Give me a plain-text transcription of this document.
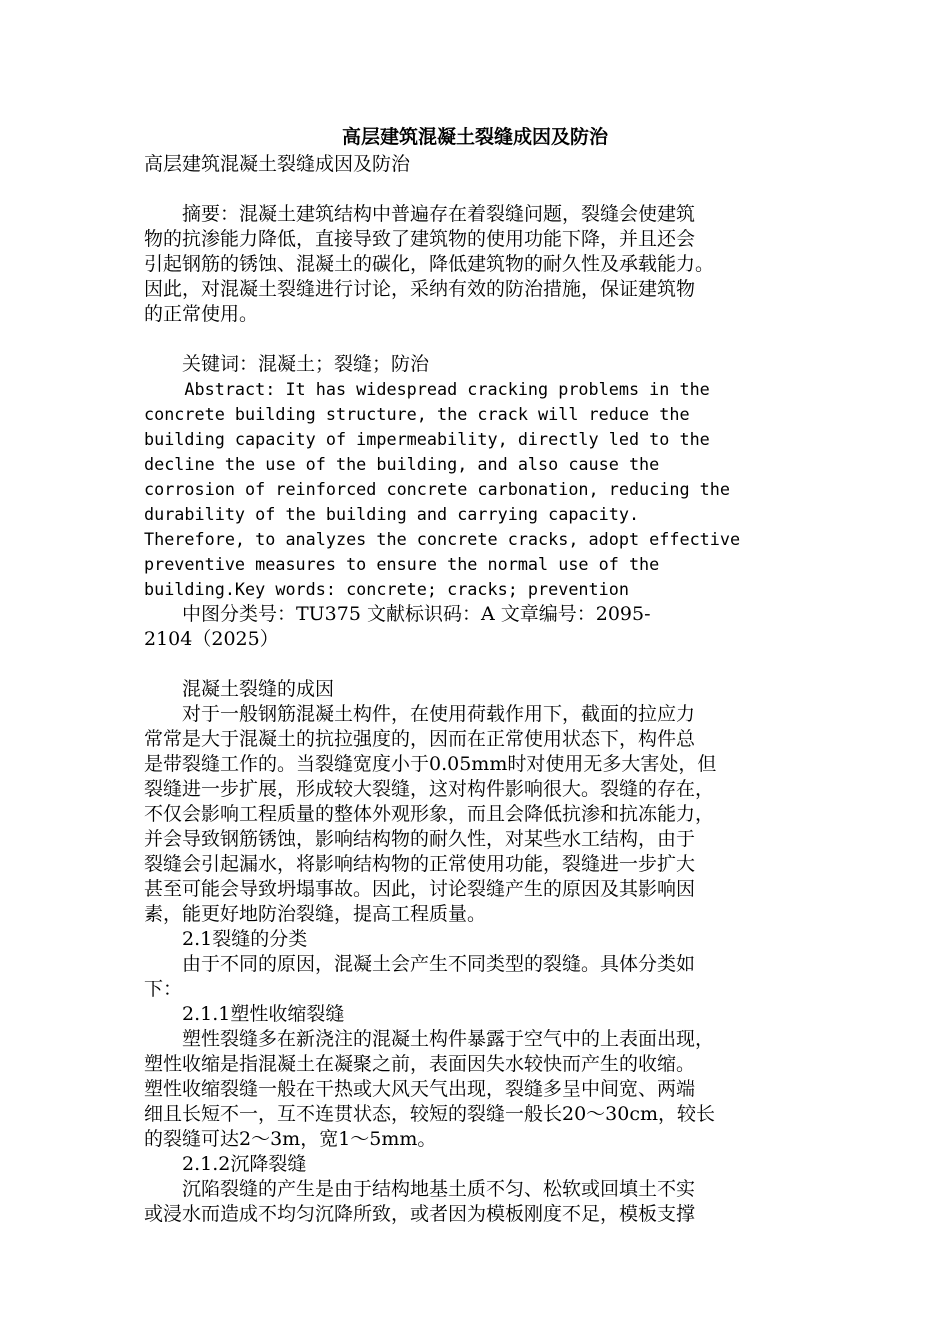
高层建筑混凝土裂缝成因及防治

高层建筑混凝土裂缝成因及防治

　　摘要：混凝土建筑结构中普遍存在着裂缝问题，裂缝会使建筑

物的抗渗能力降低，直接导致了建筑物的使用功能下降，并且还会

引起钢筋的锈蚀、混凝土的碳化，降低建筑物的耐久性及承载能力。

因此，对混凝土裂缝进行讨论，采纳有效的防治措施，保证建筑物

的正常使用。

　　关键词：混凝土；裂缝；防治

Abstract: It has widespread cracking problems in the

concrete building structure, the crack will reduce the

building capacity of impermeability, directly led to the

decline the use of the building, and also cause the

corrosion of reinforced concrete carbonation, reducing the

durability of the building and carrying capacity.

Therefore, to analyzes the concrete cracks, adopt effective

preventive measures to ensure the normal use of the

building.Key words: concrete; cracks; prevention

　　中图分类号：TU375 文献标识码：A 文章编号：2095-

2104（2025）

　　混凝土裂缝的成因

　　对于一般钢筋混凝土构件，在使用荷载作用下，截面的拉应力

常常是大于混凝土的抗拉强度的，因而在正常使用状态下，构件总

是带裂缝工作的。当裂缝宽度小于0.05mm时对使用无多大害处，但

裂缝进一步扩展，形成较大裂缝，这对构件影响很大。裂缝的存在，

不仅会影响工程质量的整体外观形象，而且会降低抗渗和抗冻能力，

并会导致钢筋锈蚀，影响结构物的耐久性，对某些水工结构，由于

裂缝会引起漏水，将影响结构物的正常使用功能，裂缝进一步扩大

甚至可能会导致坍塌事故。因此，讨论裂缝产生的原因及其影响因

素，能更好地防治裂缝，提高工程质量。

　　2.1裂缝的分类

　　由于不同的原因，混凝土会产生不同类型的裂缝。具体分类如

下：

　　2.1.1塑性收缩裂缝

　　塑性裂缝多在新浇注的混凝土构件暴露于空气中的上表面出现，

塑性收缩是指混凝土在凝聚之前，表面因失水较快而产生的收缩。

塑性收缩裂缝一般在干热或大风天气出现，裂缝多呈中间宽、两端

细且长短不一，互不连贯状态，较短的裂缝一般长20～30cm，较长

的裂缝可达2～3m，宽1～5mm。

　　2.1.2沉降裂缝

　　沉陷裂缝的产生是由于结构地基土质不匀、松软或回填土不实

或浸水而造成不均匀沉降所致，或者因为模板刚度不足，模板支撑
